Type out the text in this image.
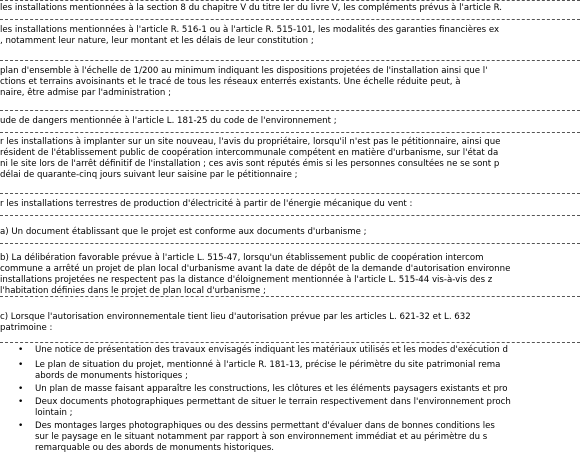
les installations mentionnées à la section 8 du chapitre V du titre Ier du livre V, les compléments prévus à l'article R.
les installations mentionnées à l'article R. 516-1 ou à l'article R. 515-101, les modalités des garanties financières ex
, notamment leur nature, leur montant et les délais de leur constitution ;
plan d'ensemble à l'échelle de 1/200 au minimum indiquant les dispositions projetées de l'installation ainsi que l'
ctions et terrains avoisinants et le tracé de tous les réseaux enterrés existants. Une échelle réduite peut, à
naire, être admise par l'administration ;
ude de dangers mentionnée à l'article L. 181-25 du code de l'environnement ;
r les installations à implanter sur un site nouveau, l'avis du propriétaire, lorsqu'il n'est pas le pétitionnaire, ainsi que
résident de l'établissement public de coopération intercommunale compétent en matière d'urbanisme, sur l'état da
ni le site lors de l'arrêt définitif de l'installation ; ces avis sont réputés émis si les personnes consultées ne se sont p
délai de quarante-cinq jours suivant leur saisine par le pétitionnaire ;
r les installations terrestres de production d'électricité à partir de l'énergie mécanique du vent :
a) Un document établissant que le projet est conforme aux documents d'urbanisme ;
b) La délibération favorable prévue à l'article L. 515-47, lorsqu'un établissement public de coopération intercom
commune a arrêté un projet de plan local d'urbanisme avant la date de dépôt de la demande d'autorisation environne
installations projetées ne respectent pas la distance d'éloignement mentionnée à l'article L. 515-44 vis-à-vis des z
l'habitation définies dans le projet de plan local d'urbanisme ;
c) Lorsque l'autorisation environnementale tient lieu d'autorisation prévue par les articles L. 621-32 et L. 632
patrimoine :
• Une notice de présentation des travaux envisagés indiquant les matériaux utilisés et les modes d'exécution d
• Le plan de situation du projet, mentionné à l'article R. 181-13, précise le périmètre du site patrimonial rema
abords de monuments historiques ;
• Un plan de masse faisant apparaître les constructions, les clôtures et les éléments paysagers existants et pro
• Deux documents photographiques permettant de situer le terrain respectivement dans l'environnement proch
lointain ;
• Des montages larges photographiques ou des dessins permettant d'évaluer dans de bonnes conditions les
sur le paysage en le situant notamment par rapport à son environnement immédiat et au périmètre du s
remarquable ou des abords de monuments historiques.
